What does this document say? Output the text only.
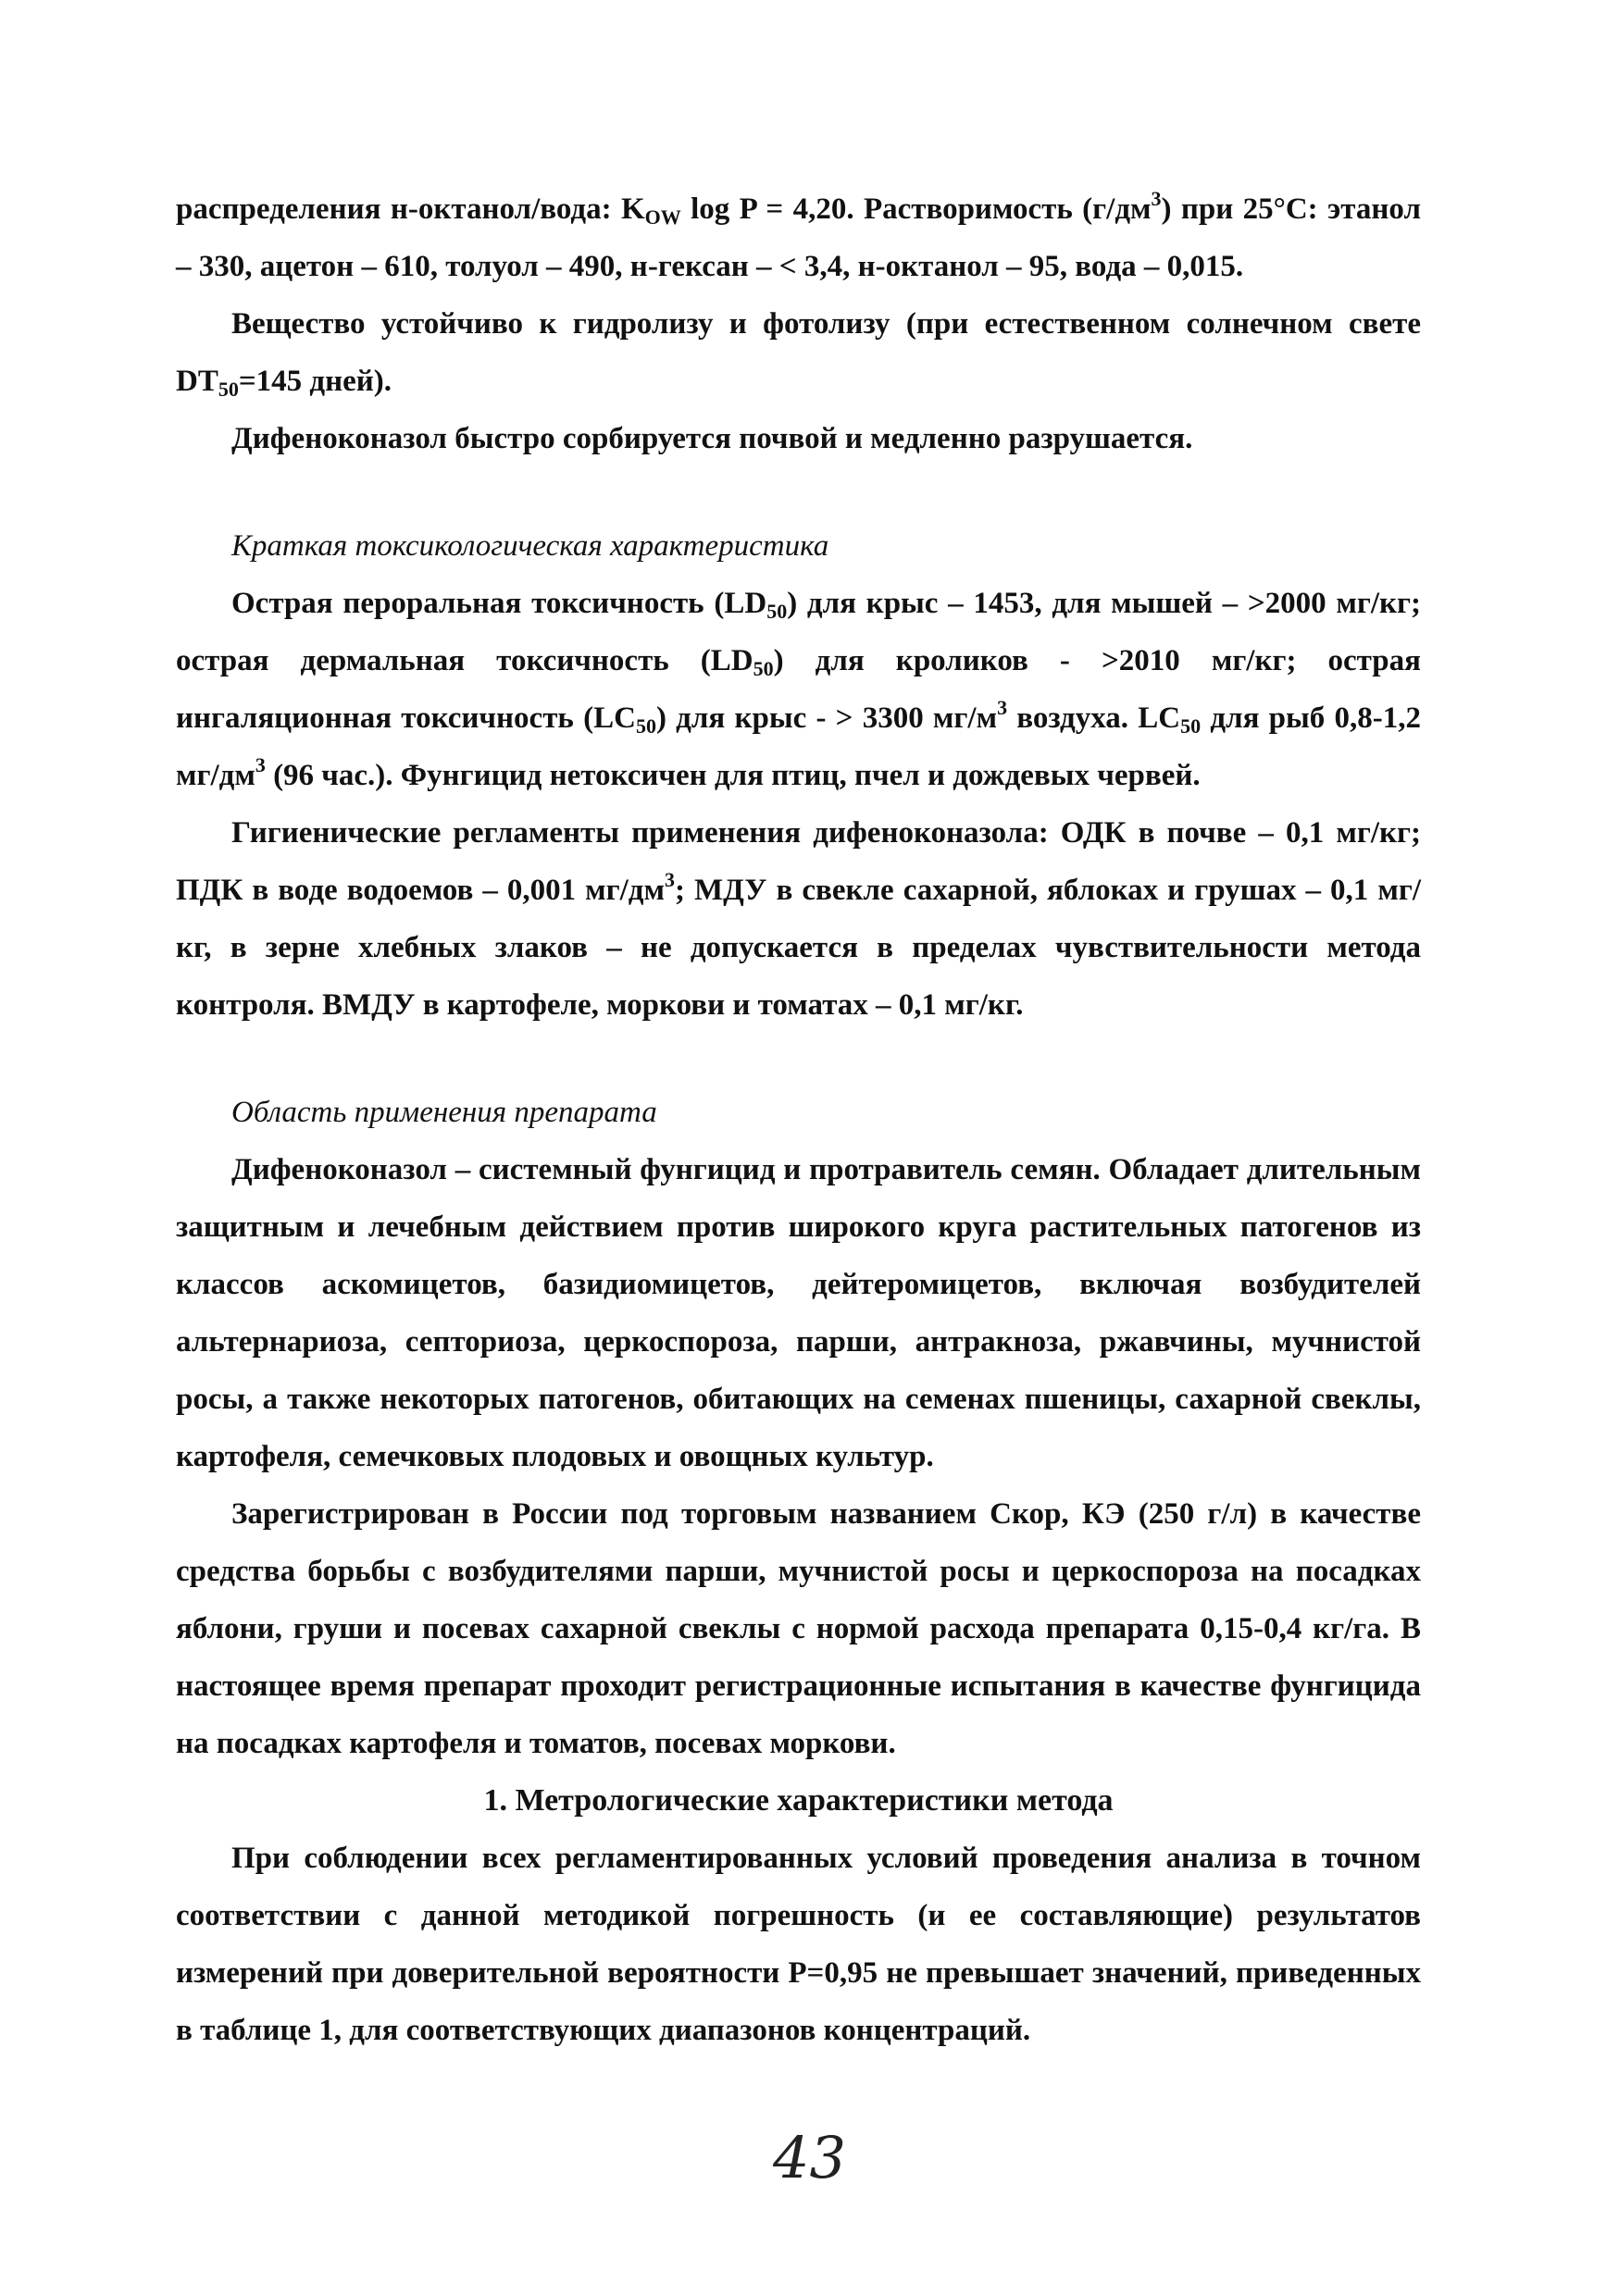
распределения н-октанол/вода: $K_{OW}$ log P = 4,20. Растворимость $(г/дм^3)$ при 25°С: этанол – 330, ацетон – 610, толуол – 490, н-гексан – < 3,4, н-октанол – 95, вода – 0,015.

Вещество устойчиво к гидролизу и фотолизу (при естественном солнечном свете $DT_{50}=145$ дней).

Дифеноконазол быстро сорбируется почвой и медленно разрушается.

Краткая токсикологическая характеристика

Острая пероральная токсичность $(LD_{50})$ для крыс – 1453, для мышей – >2000 мг/кг; острая дермальная токсичность $(LD_{50})$ для кроликов - >2010 мг/кг; острая ингаляционная токсичность $(LC_{50})$ для крыс - > 3300 $мг/м^3$ воздуха. $LC_{50}$ для рыб 0,8-1,2 $мг/дм^3$ (96 час.). Фунгицид нетоксичен для птиц, пчел и дождевых червей.

Гигиенические регламенты применения дифеноконазола: ОДК в почве – 0,1 мг/кг; ПДК в воде водоемов – 0,001 $мг/дм^3$; МДУ в свекле сахарной, яблоках и грушах – 0,1 мг/кг, в зерне хлебных злаков – не допускается в пределах чувствительности метода контроля. ВМДУ в картофеле, моркови и томатах – 0,1 мг/кг.

Область применения препарата

Дифеноконазол – системный фунгицид и протравитель семян. Обладает длительным защитным и лечебным действием против широкого круга растительных патогенов из классов аскомицетов, базидиомицетов, дейтеромицетов, включая возбудителей альтернариоза, септориоза, церкоспороза, парши, антракноза, ржавчины, мучнистой росы, а также некоторых патогенов, обитающих на семенах пшеницы, сахарной свеклы, картофеля, семечковых плодовых и овощных культур.

Зарегистрирован в России под торговым названием Скор, КЭ (250 г/л) в качестве средства борьбы с возбудителями парши, мучнистой росы и церкоспороза на посадках яблони, груши и посевах сахарной свеклы с нормой расхода препарата 0,15-0,4 кг/га. В настоящее время препарат проходит регистрационные испытания в качестве фунгицида на посадках картофеля и томатов, посевах моркови.

1. Метрологические характеристики метода

При соблюдении всех регламентированных условий проведения анализа в точном соответствии с данной методикой погрешность (и ее составляющие) результатов измерений при доверительной вероятности Р=0,95 не превышает значений, приведенных в таблице 1, для соответствующих диапазонов концентраций.

43
